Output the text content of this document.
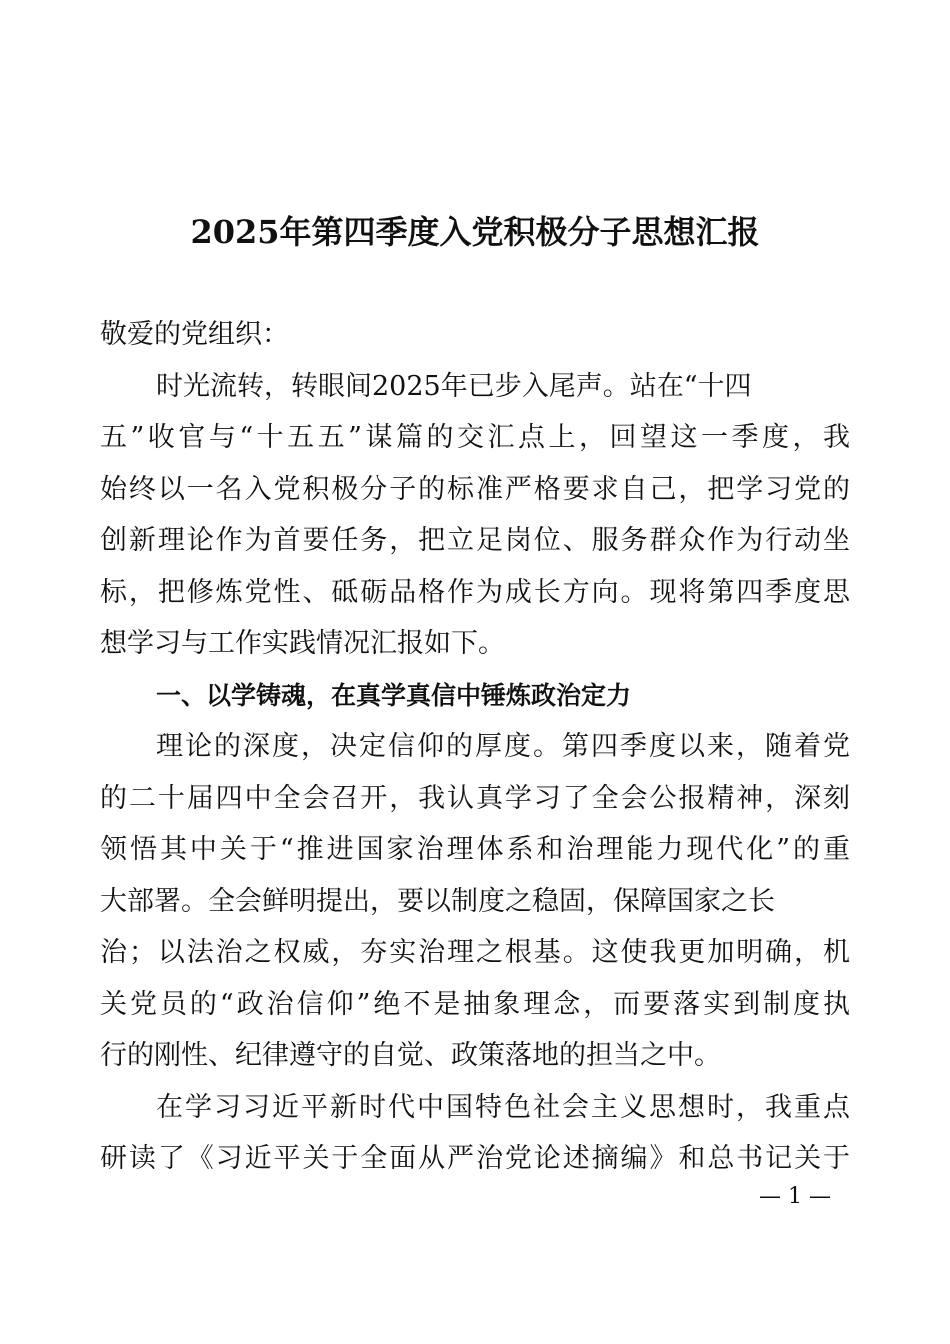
2025年第四季度入党积极分子思想汇报
敬爱的党组织：
时光流转，转眼间2025年已步入尾声。站在“十四
五”收官与“十五五”谋篇的交汇点上，回望这一季度，我
始终以一名入党积极分子的标准严格要求自己，把学习党的
创新理论作为首要任务，把立足岗位、服务群众作为行动坐
标，把修炼党性、砥砺品格作为成长方向。现将第四季度思
想学习与工作实践情况汇报如下。
一、以学铸魂，在真学真信中锤炼政治定力
理论的深度，决定信仰的厚度。第四季度以来，随着党
的二十届四中全会召开，我认真学习了全会公报精神，深刻
领悟其中关于“推进国家治理体系和治理能力现代化”的重
大部署。全会鲜明提出，要以制度之稳固，保障国家之长
治；以法治之权威，夯实治理之根基。这使我更加明确，机
关党员的“政治信仰”绝不是抽象理念，而要落实到制度执
行的刚性、纪律遵守的自觉、政策落地的担当之中。
在学习习近平新时代中国特色社会主义思想时，我重点
研读了《习近平关于全面从严治党论述摘编》和总书记关于
— 1 —
